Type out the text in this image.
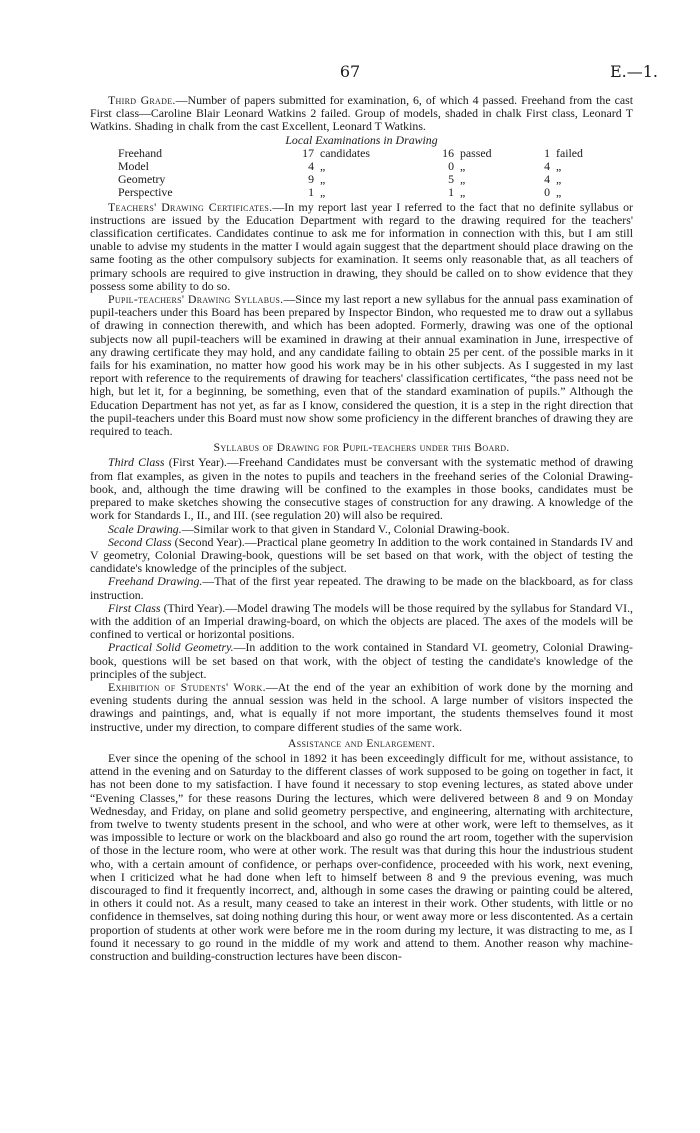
67	E.—1.

Third Grade.—Number of papers submitted for examination, 6, of which 4 passed. Freehand from the cast First class—Caroline Blair Leonard Watkins 2 failed. Group of models, shaded in chalk First class, Leonard T Watkins. Shading in chalk from the cast Excellent, Leonard T Watkins.

Local Examinations in Drawing

Freehand	17	candidates	16	passed	1	failed
Model	4	„	0	„	4	„
Geometry	9	„	5	„	4	„
Perspective	1	„	1	„	0	„

Teachers' Drawing Certificates.—In my report last year I referred to the fact that no definite syllabus or instructions are issued by the Education Department with regard to the drawing required for the teachers' classification certificates. Candidates continue to ask me for information in connection with this, but I am still unable to advise my students in the matter I would again suggest that the department should place drawing on the same footing as the other compulsory subjects for examination. It seems only reasonable that, as all teachers of primary schools are required to give instruction in drawing, they should be called on to show evidence that they possess some ability to do so.

Pupil-teachers' Drawing Syllabus.—Since my last report a new syllabus for the annual pass examination of pupil-teachers under this Board has been prepared by Inspector Bindon, who requested me to draw out a syllabus of drawing in connection therewith, and which has been adopted. Formerly, drawing was one of the optional subjects now all pupil-teachers will be examined in drawing at their annual examination in June, irrespective of any drawing certificate they may hold, and any candidate failing to obtain 25 per cent. of the possible marks in it fails for his examination, no matter how good his work may be in his other subjects. As I suggested in my last report with reference to the requirements of drawing for teachers' classification certificates, “the pass need not be high, but let it, for a beginning, be something, even that of the standard examination of pupils.” Although the Education Department has not yet, as far as I know, considered the question, it is a step in the right direction that the pupil-teachers under this Board must now show some proficiency in the different branches of drawing they are required to teach.

Syllabus of Drawing for Pupil-teachers under this Board.

Third Class (First Year).—Freehand Candidates must be conversant with the systematic method of drawing from flat examples, as given in the notes to pupils and teachers in the freehand series of the Colonial Drawing-book, and, although the time drawing will be confined to the examples in those books, candidates must be prepared to make sketches showing the consecutive stages of construction for any drawing. A knowledge of the work for Standards I., II., and III. (see regulation 20) will also be required.

Scale Drawing.—Similar work to that given in Standard V., Colonial Drawing-book.

Second Class (Second Year).—Practical plane geometry In addition to the work contained in Standards IV and V geometry, Colonial Drawing-book, questions will be set based on that work, with the object of testing the candidate's knowledge of the principles of the subject.

Freehand Drawing.—That of the first year repeated. The drawing to be made on the blackboard, as for class instruction.

First Class (Third Year).—Model drawing The models will be those required by the syllabus for Standard VI., with the addition of an Imperial drawing-board, on which the objects are placed. The axes of the models will be confined to vertical or horizontal positions.

Practical Solid Geometry.—In addition to the work contained in Standard VI. geometry, Colonial Drawing-book, questions will be set based on that work, with the object of testing the candidate's knowledge of the principles of the subject.

Exhibition of Students' Work.—At the end of the year an exhibition of work done by the morning and evening students during the annual session was held in the school. A large number of visitors inspected the drawings and paintings, and, what is equally if not more important, the students themselves found it most instructive, under my direction, to compare different studies of the same work.

Assistance and Enlargement.

Ever since the opening of the school in 1892 it has been exceedingly difficult for me, without assistance, to attend in the evening and on Saturday to the different classes of work supposed to be going on together in fact, it has not been done to my satisfaction. I have found it necessary to stop evening lectures, as stated above under “Evening Classes,” for these reasons During the lectures, which were delivered between 8 and 9 on Monday Wednesday, and Friday, on plane and solid geometry perspective, and engineering, alternating with architecture, from twelve to twenty students present in the school, and who were at other work, were left to themselves, as it was impossible to lecture or work on the blackboard and also go round the art room, together with the supervision of those in the lecture room, who were at other work. The result was that during this hour the industrious student who, with a certain amount of confidence, or perhaps over-confidence, proceeded with his work, next evening, when I criticized what he had done when left to himself between 8 and 9 the previous evening, was much discouraged to find it frequently incorrect, and, although in some cases the drawing or painting could be altered, in others it could not. As a result, many ceased to take an interest in their work. Other students, with little or no confidence in themselves, sat doing nothing during this hour, or went away more or less discontented. As a certain proportion of students at other work were before me in the room during my lecture, it was distracting to me, as I found it necessary to go round in the middle of my work and attend to them. Another reason why machine-construction and building-construction lectures have been discon-
